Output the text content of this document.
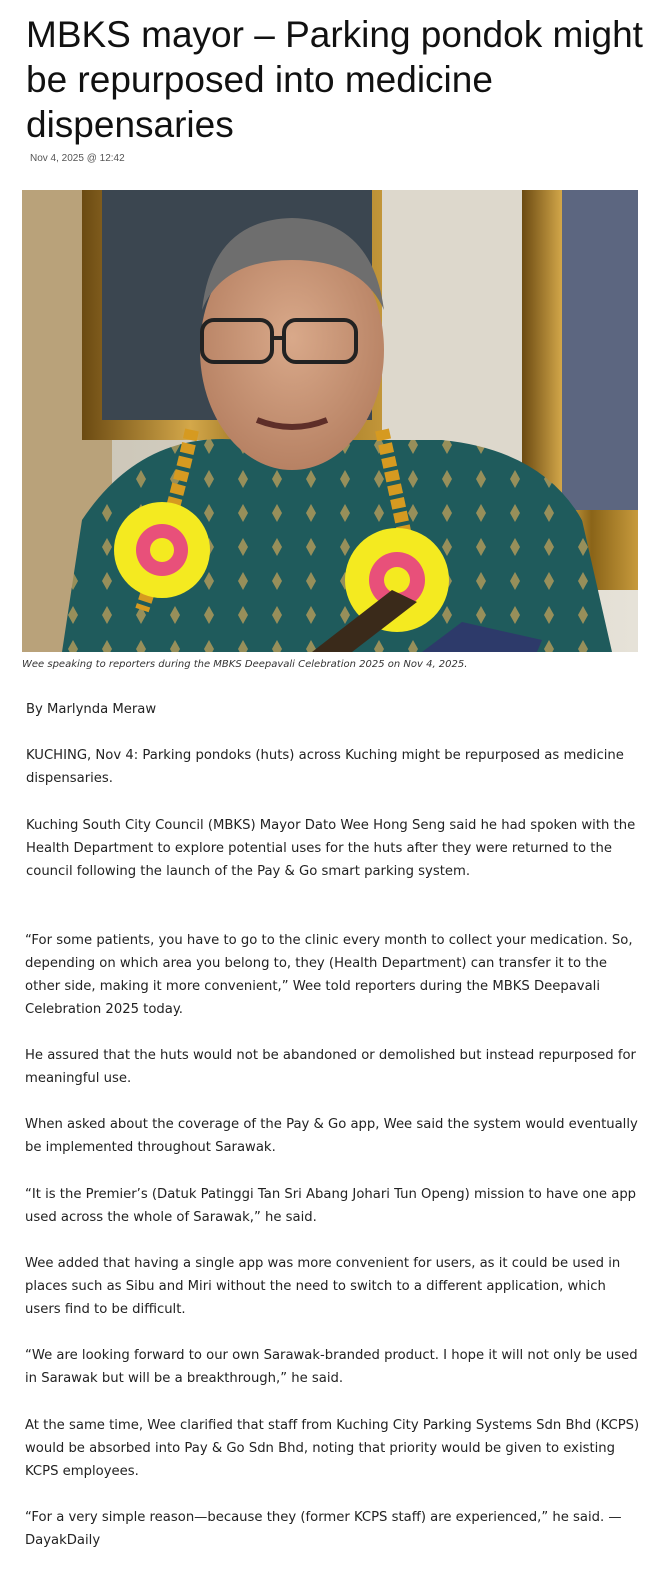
MBKS mayor – Parking pondok might be repurposed into medicine dispensaries
Nov 4, 2025 @ 12:42
Wee speaking to reporters during the MBKS Deepavali Celebration 2025 on Nov 4, 2025.

By Marlynda Meraw

KUCHING, Nov 4: Parking pondoks (huts) across Kuching might be repurposed as medicine dispensaries.

Kuching South City Council (MBKS) Mayor Dato Wee Hong Seng said he had spoken with the Health Department to explore potential uses for the huts after they were returned to the council following the launch of the Pay & Go smart parking system.

“For some patients, you have to go to the clinic every month to collect your medication. So, depending on which area you belong to, they (Health Department) can transfer it to the other side, making it more convenient,” Wee told reporters during the MBKS Deepavali Celebration 2025 today.

He assured that the huts would not be abandoned or demolished but instead repurposed for meaningful use.

When asked about the coverage of the Pay & Go app, Wee said the system would eventually be implemented throughout Sarawak.

“It is the Premier’s (Datuk Patinggi Tan Sri Abang Johari Tun Openg) mission to have one app used across the whole of Sarawak,” he said.

Wee added that having a single app was more convenient for users, as it could be used in places such as Sibu and Miri without the need to switch to a different application, which users find to be difficult.

“We are looking forward to our own Sarawak-branded product. I hope it will not only be used in Sarawak but will be a breakthrough,” he said.

At the same time, Wee clarified that staff from Kuching City Parking Systems Sdn Bhd (KCPS) would be absorbed into Pay & Go Sdn Bhd, noting that priority would be given to existing KCPS employees.

“For a very simple reason—because they (former KCPS staff) are experienced,” he said. — DayakDaily
